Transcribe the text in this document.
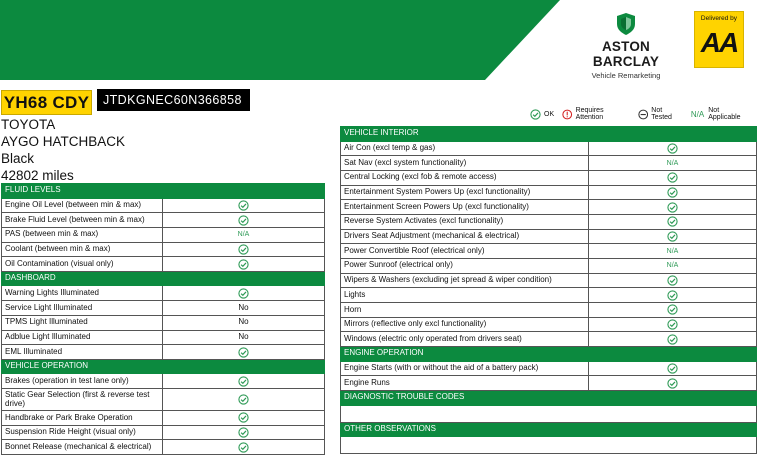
ASTON BARCLAY
Vehicle Remarketing
Delivered by
AA
YH68 CDY	JTDKGNEC60N366858
TOYOTA
AYGO HATCHBACK
Black
42802 miles
OK	Requires Attention
Not Tested	N/A Not Applicable
FLUID LEVELS	
Engine Oil Level (between min & max)	

Brake Fluid Level (between min & max)	

PAS (between min & max)	N/A
Coolant (between min & max)	

Oil Contamination (visual only)	

DASHBOARD	
Warning Lights Illuminated	

Service Light Illuminated	No
TPMS Light Illuminated	No
Adblue Light Illuminated	No
EML Illuminated	

VEHICLE OPERATION	
Brakes (operation in test lane only)	

Static Gear Selection (first & reverse test drive)	

Handbrake or Park Brake Operation	

Suspension Ride Height (visual only)	

Bonnet Release (mechanical & electrical)	
VEHICLE INTERIOR	
Air Con (excl temp & gas)	

Sat Nav (excl system functionality)	N/A
Central Locking (excl fob & remote access)	

Entertainment System Powers Up (excl functionality)	

Entertainment Screen Powers Up (excl functionality)	

Reverse System Activates (excl functionality)	

Drivers Seat Adjustment (mechanical & electrical)	

Power Convertible Roof (electrical only)	N/A
Power Sunroof (electrical only)	N/A
Wipers & Washers (excluding jet spread & wiper condition)	

Lights	

Horn	

Mirrors (reflective only excl functionality)	

Windows (electric only operated from drivers seat)	

ENGINE OPERATION	
Engine Starts (with or without the aid of a battery pack)	

Engine Runs	

DIAGNOSTIC TROUBLE CODES	

OTHER OBSERVATIONS	
